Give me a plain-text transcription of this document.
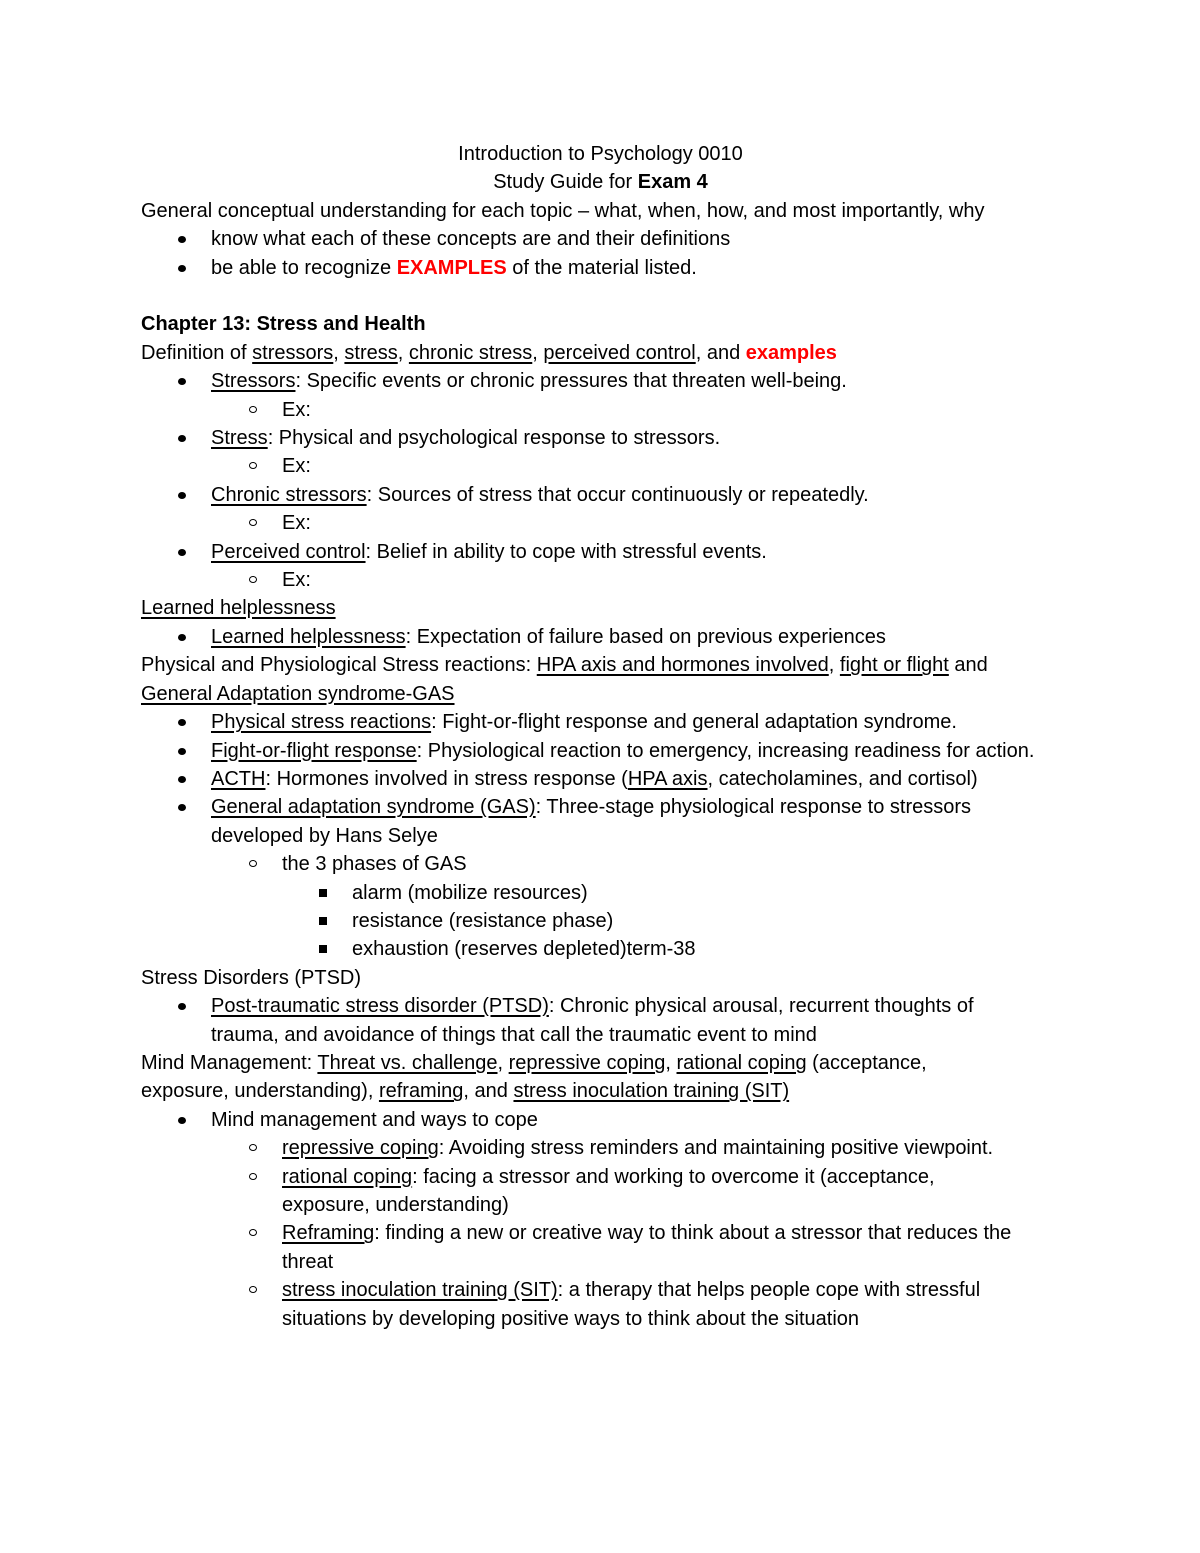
Introduction to Psychology 0010

Study Guide for Exam 4

General conceptual understanding for each topic – what, when, how, and most importantly, why

know what each of these concepts are and their definitions
be able to recognize EXAMPLES of the material listed.

Chapter 13: Stress and Health

Definition of stressors, stress, chronic stress, perceived control, and examples

Stressors: Specific events or chronic pressures that threaten well-being.
Ex:
Stress: Physical and psychological response to stressors.
Ex:
Chronic stressors: Sources of stress that occur continuously or repeatedly.
Ex:
Perceived control: Belief in ability to cope with stressful events.
Ex:

Learned helplessness

Learned helplessness: Expectation of failure based on previous experiences

Physical and Physiological Stress reactions: HPA axis and hormones involved, fight or flight and General Adaptation syndrome-GAS

Physical stress reactions: Fight-or-flight response and general adaptation syndrome.
Fight-or-flight response: Physiological reaction to emergency, increasing readiness for action.
ACTH: Hormones involved in stress response (HPA axis, catecholamines, and cortisol)
General adaptation syndrome (GAS): Three-stage physiological response to stressors developed by Hans Selye
the 3 phases of GAS
alarm (mobilize resources)
resistance (resistance phase)
exhaustion (reserves depleted)term-38

Stress Disorders (PTSD)

Post-traumatic stress disorder (PTSD): Chronic physical arousal, recurrent thoughts of trauma, and avoidance of things that call the traumatic event to mind

Mind Management: Threat vs. challenge, repressive coping, rational coping (acceptance, exposure, understanding), reframing, and stress inoculation training (SIT)

Mind management and ways to cope
repressive coping: Avoiding stress reminders and maintaining positive viewpoint.
rational coping: facing a stressor and working to overcome it (acceptance, exposure, understanding)
Reframing: finding a new or creative way to think about a stressor that reduces the threat
stress inoculation training (SIT): a therapy that helps people cope with stressful situations by developing positive ways to think about the situation
